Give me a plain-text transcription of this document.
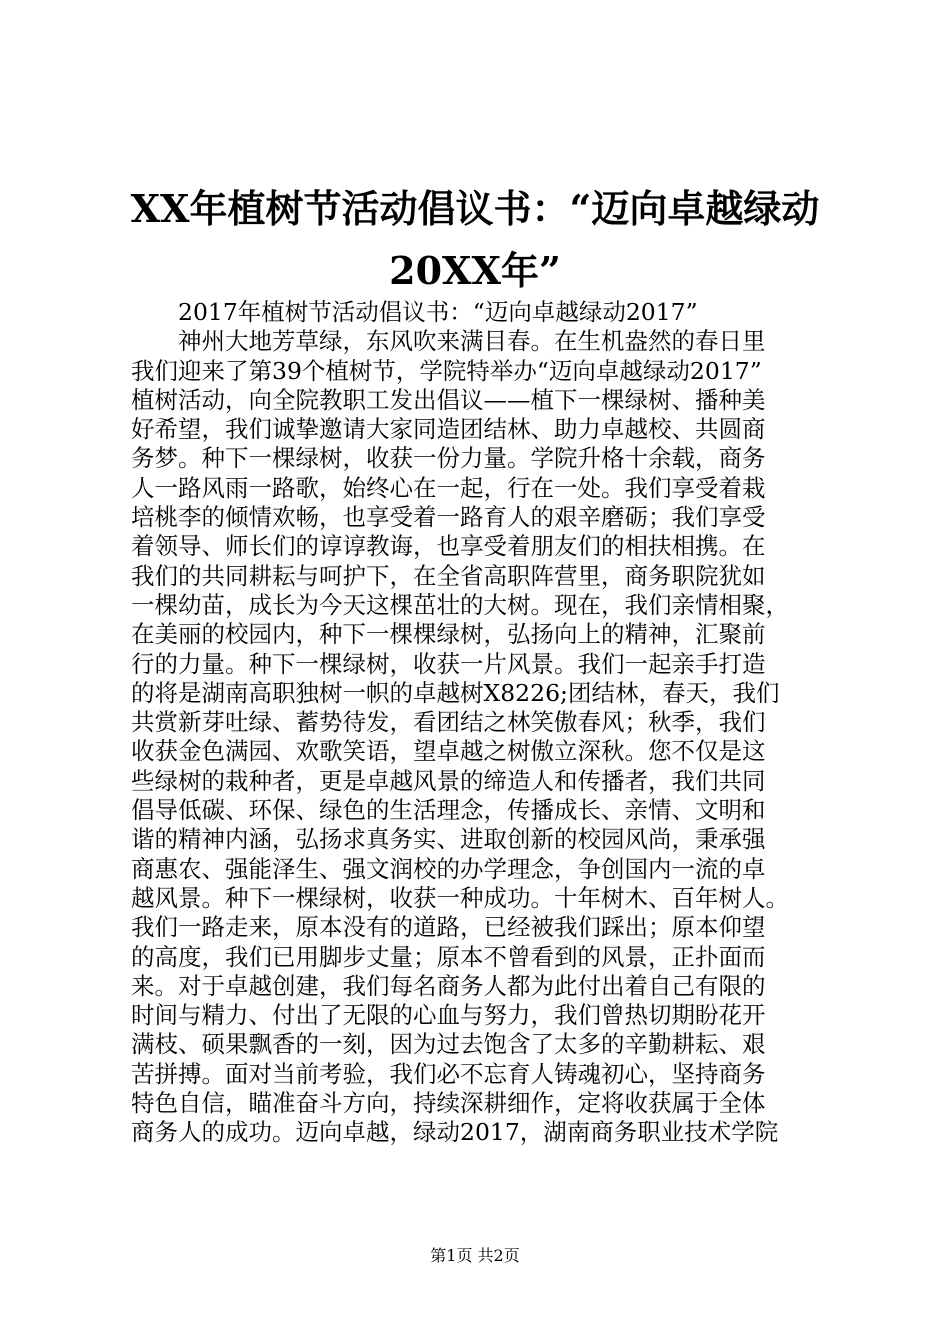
XX年植树节活动倡议书：“迈向卓越绿动
20XX年”
2017年植树节活动倡议书：“迈向卓越绿动2017”
神州大地芳草绿，东风吹来满目春。在生机盎然的春日里
我们迎来了第39个植树节，学院特举办“迈向卓越绿动2017”
植树活动，向全院教职工发出倡议——植下一棵绿树、播种美
好希望，我们诚挚邀请大家同造团结林、助力卓越校、共圆商
务梦。种下一棵绿树，收获一份力量。学院升格十余载，商务
人一路风雨一路歌，始终心在一起，行在一处。我们享受着栽
培桃李的倾情欢畅，也享受着一路育人的艰辛磨砺；我们享受
着领导、师长们的谆谆教诲，也享受着朋友们的相扶相携。在
我们的共同耕耘与呵护下，在全省高职阵营里，商务职院犹如
一棵幼苗，成长为今天这棵茁壮的大树。现在，我们亲情相聚，
在美丽的校园内，种下一棵棵绿树，弘扬向上的精神，汇聚前
行的力量。种下一棵绿树，收获一片风景。我们一起亲手打造
的将是湖南高职独树一帜的卓越树X8226;团结林，春天，我们
共赏新芽吐绿、蓄势待发，看团结之林笑傲春风；秋季，我们
收获金色满园、欢歌笑语，望卓越之树傲立深秋。您不仅是这
些绿树的栽种者，更是卓越风景的缔造人和传播者，我们共同
倡导低碳、环保、绿色的生活理念，传播成长、亲情、文明和
谐的精神内涵，弘扬求真务实、进取创新的校园风尚，秉承强
商惠农、强能泽生、强文润校的办学理念，争创国内一流的卓
越风景。种下一棵绿树，收获一种成功。十年树木、百年树人。
我们一路走来，原本没有的道路，已经被我们踩出；原本仰望
的高度，我们已用脚步丈量；原本不曾看到的风景，正扑面而
来。对于卓越创建，我们每名商务人都为此付出着自己有限的
时间与精力、付出了无限的心血与努力，我们曾热切期盼花开
满枝、硕果飘香的一刻，因为过去饱含了太多的辛勤耕耘、艰
苦拼搏。面对当前考验，我们必不忘育人铸魂初心，坚持商务
特色自信，瞄准奋斗方向，持续深耕细作，定将收获属于全体
商务人的成功。迈向卓越，绿动2017，湖南商务职业技术学院
第1页 共2页
